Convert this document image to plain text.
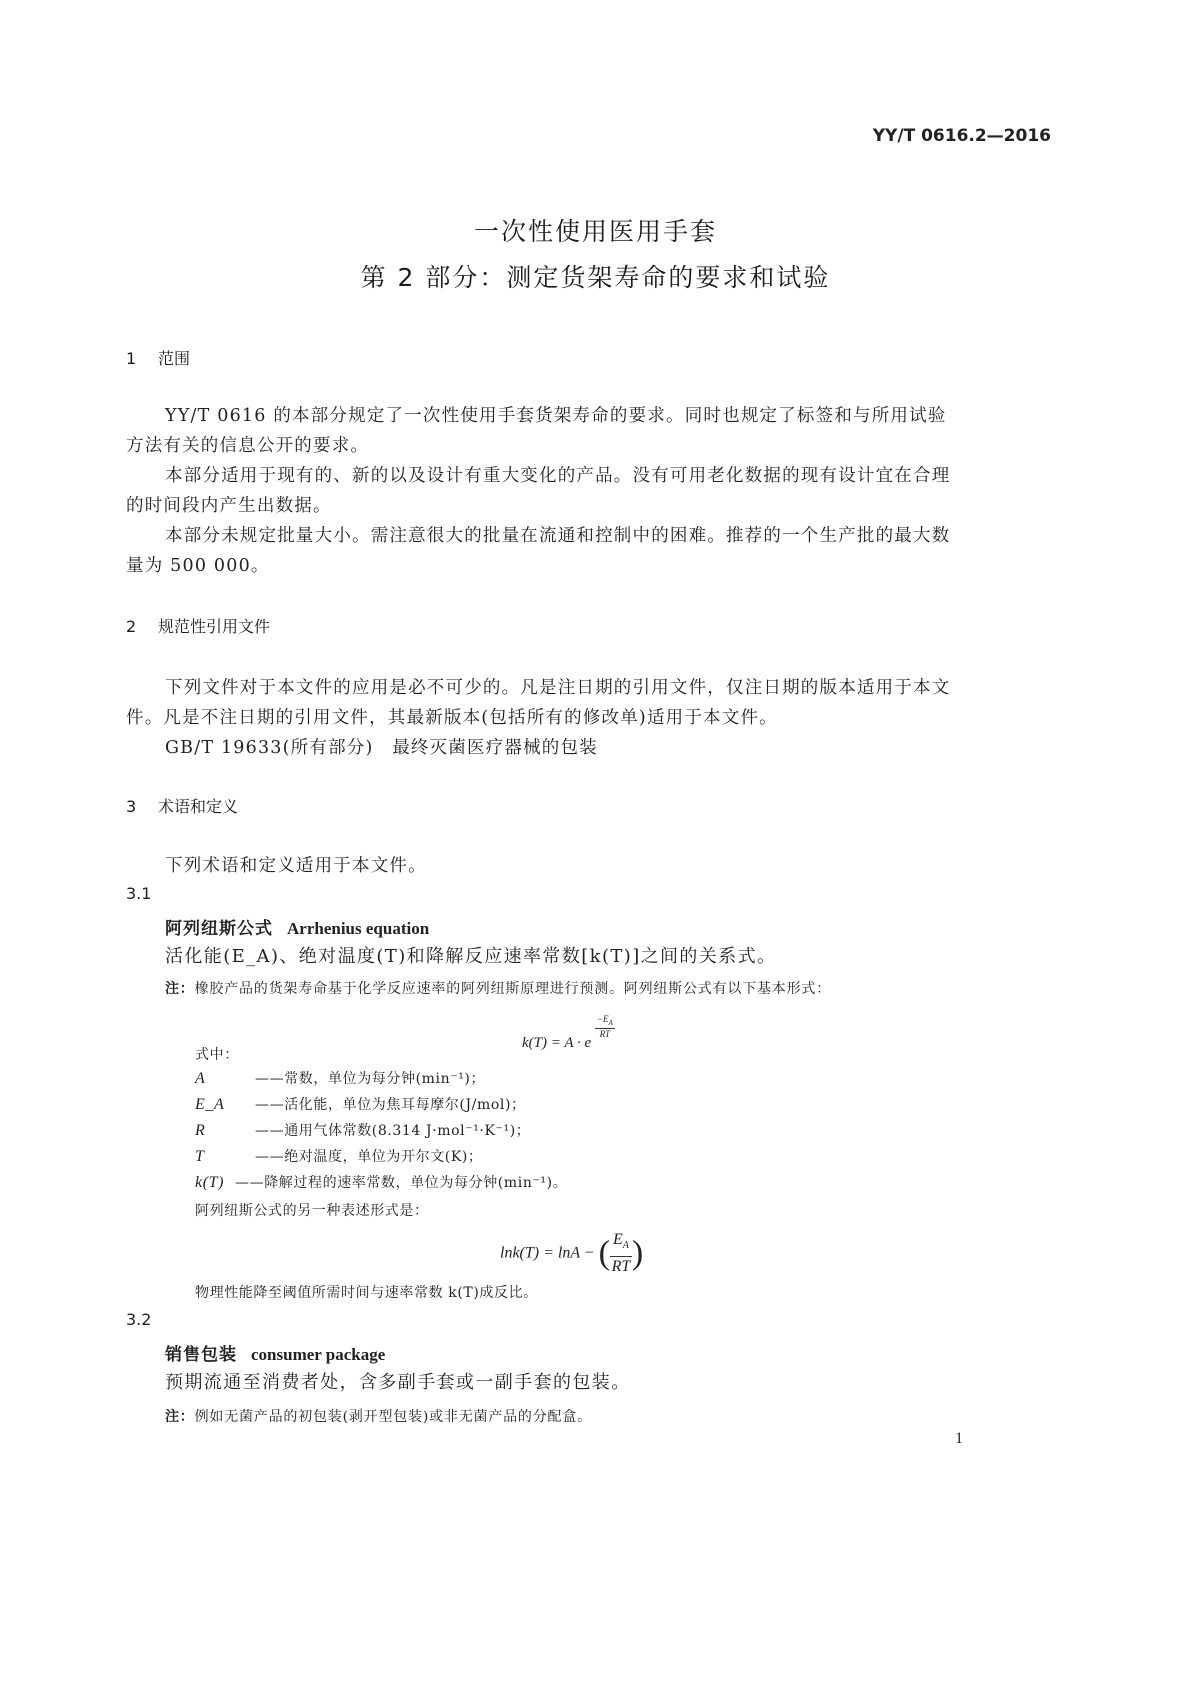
YY/T 0616.2—2016
一次性使用医用手套
第 2 部分：测定货架寿命的要求和试验
1 范围
YY/T 0616 的本部分规定了一次性使用手套货架寿命的要求。同时也规定了标签和与所用试验
方法有关的信息公开的要求。
本部分适用于现有的、新的以及设计有重大变化的产品。没有可用老化数据的现有设计宜在合理
的时间段内产生出数据。
本部分未规定批量大小。需注意很大的批量在流通和控制中的困难。推荐的一个生产批的最大数
量为 500 000。
2 规范性引用文件
下列文件对于本文件的应用是必不可少的。凡是注日期的引用文件，仅注日期的版本适用于本文
件。凡是不注日期的引用文件，其最新版本(包括所有的修改单)适用于本文件。
GB/T 19633(所有部分)　最终灭菌医疗器械的包装
3 术语和定义
下列术语和定义适用于本文件。
3.1
阿列纽斯公式 Arrhenius equation
活化能(E_A)、绝对温度(T)和降解反应速率常数[k(T)]之间的关系式。
注：橡胶产品的货架寿命基于化学反应速率的阿列纽斯原理进行预测。阿列纽斯公式有以下基本形式：
k(T) = A · e
$\frac{-E_A}{RT}$
式中：
A	——常数，单位为每分钟(min⁻¹)；
E_A ——活化能，单位为焦耳每摩尔(J/mol)；
R	——通用气体常数(8.314 J·mol⁻¹·K⁻¹)；
T	——绝对温度，单位为开尔文(K)；
k(T) ——降解过程的速率常数，单位为每分钟(min⁻¹)。
阿列纽斯公式的另一种表述形式是：
lnk(T) = lnA − ( $\frac{E_A}{RT}$ )
物理性能降至阈值所需时间与速率常数 k(T)成反比。
3.2
销售包装 consumer package
预期流通至消费者处，含多副手套或一副手套的包装。
注：例如无菌产品的初包装(剥开型包装)或非无菌产品的分配盒。
1
